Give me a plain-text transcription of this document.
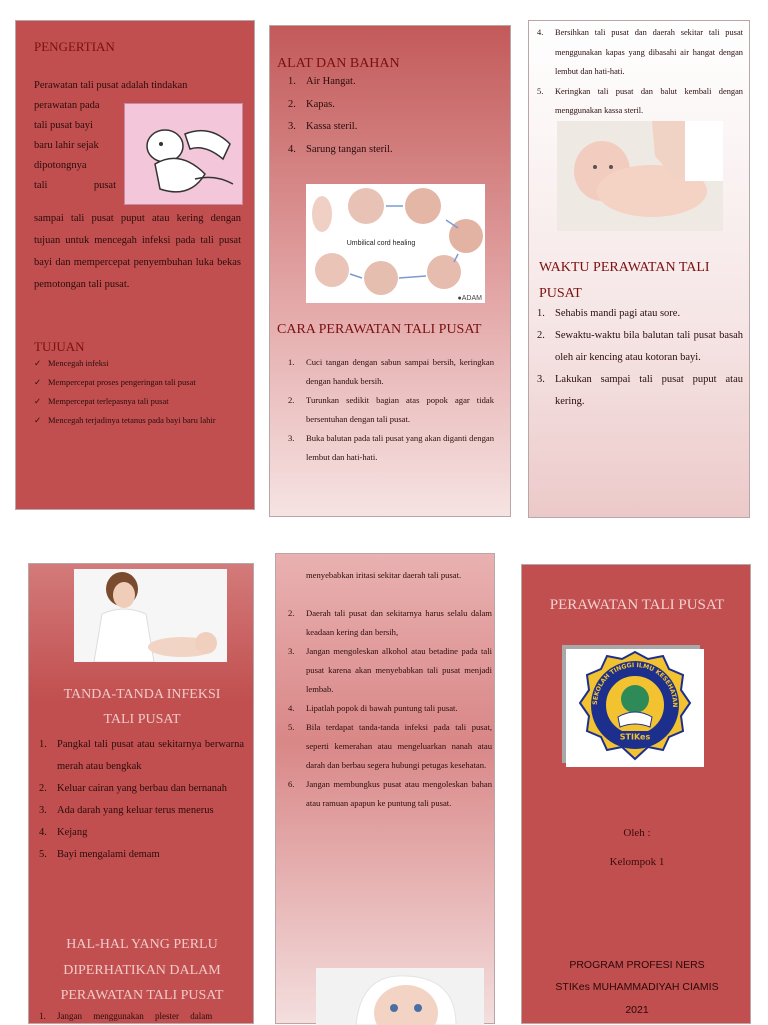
PENGERTIAN
Perawatan tali pusat adalah tindakan
perawatan pada
tali pusat bayi
baru lahir sejak
dipotongnya
tali pusat
sampai tali pusat puput atau kering dengan tujuan untuk mencegah infeksi pada tali pusat bayi dan mempercepat penyembuhan luka bekas pemotongan tali pusat.
TUJUAN
✓ Mencegah infeksi
✓ Mempercepat proses pengeringan tali pusat
✓ Mempercepat terlepasnya tali pusat
✓ Mencegah terjadinya tetanus pada bayi baru lahir
ALAT DAN BAHAN
Air Hangat.
Kapas.
Kassa steril.
Sarung tangan steril.
Umbilical cord healing
●ADAM
CARA PERAWATAN TALI PUSAT
Cuci tangan dengan sabun sampai bersih, keringkan dengan handuk bersih.
Turunkan sedikit bagian atas popok agar tidak bersentuhan dengan tali pusat.
Buka balutan pada tali pusat yang akan diganti dengan lembut dan hati-hati.
Bersihkan tali pusat dan daerah sekitar tali pusat menggunakan kapas yang dibasahi air hangat dengan lembut dan hati-hati.
Keringkan tali pusat dan balut kembali dengan menggunakan kassa steril.
WAKTU PERAWATAN TALI PUSAT
Sehabis mandi pagi atau sore.
Sewaktu-waktu bila balutan tali pusat basah oleh air kencing atau kotoran bayi.
Lakukan sampai tali pusat puput atau kering.
TANDA-TANDA INFEKSI TALI PUSAT
Pangkal tali pusat atau sekitarnya berwarna merah atau bengkak
Keluar cairan yang berbau dan bernanah
Ada darah yang keluar terus menerus
Kejang
Bayi mengalami demam
HAL-HAL YANG PERLU DIPERHATIKAN DALAM PERAWATAN TALI PUSAT
Jangan menggunakan plester dalam
menyebabkan iritasi sekitar daerah tali pusat.
Daerah tali pusat dan sekitarnya harus selalu dalam keadaan kering dan bersih,
Jangan mengoleskan alkohol atau betadine pada tali pusat karena akan menyebabkan tali pusat menjadi lembab.
Lipatlah popok di bawah puntung tali pusat.
Bila terdapat tanda-tanda infeksi pada tali pusat, seperti kemerahan atau mengeluarkan nanah atau darah dan berbau segera hubungi petugas kesehatan.
Jangan membungkus pusat atau mengoleskan bahan atau ramuan apapun ke puntung tali pusat.
PERAWATAN TALI PUSAT
SEKOLAH TINGGI ILMU KESEHATAN
STIKes
Oleh :
Kelompok 1
PROGRAM PROFESI NERS
STIKes MUHAMMADIYAH CIAMIS
2021
